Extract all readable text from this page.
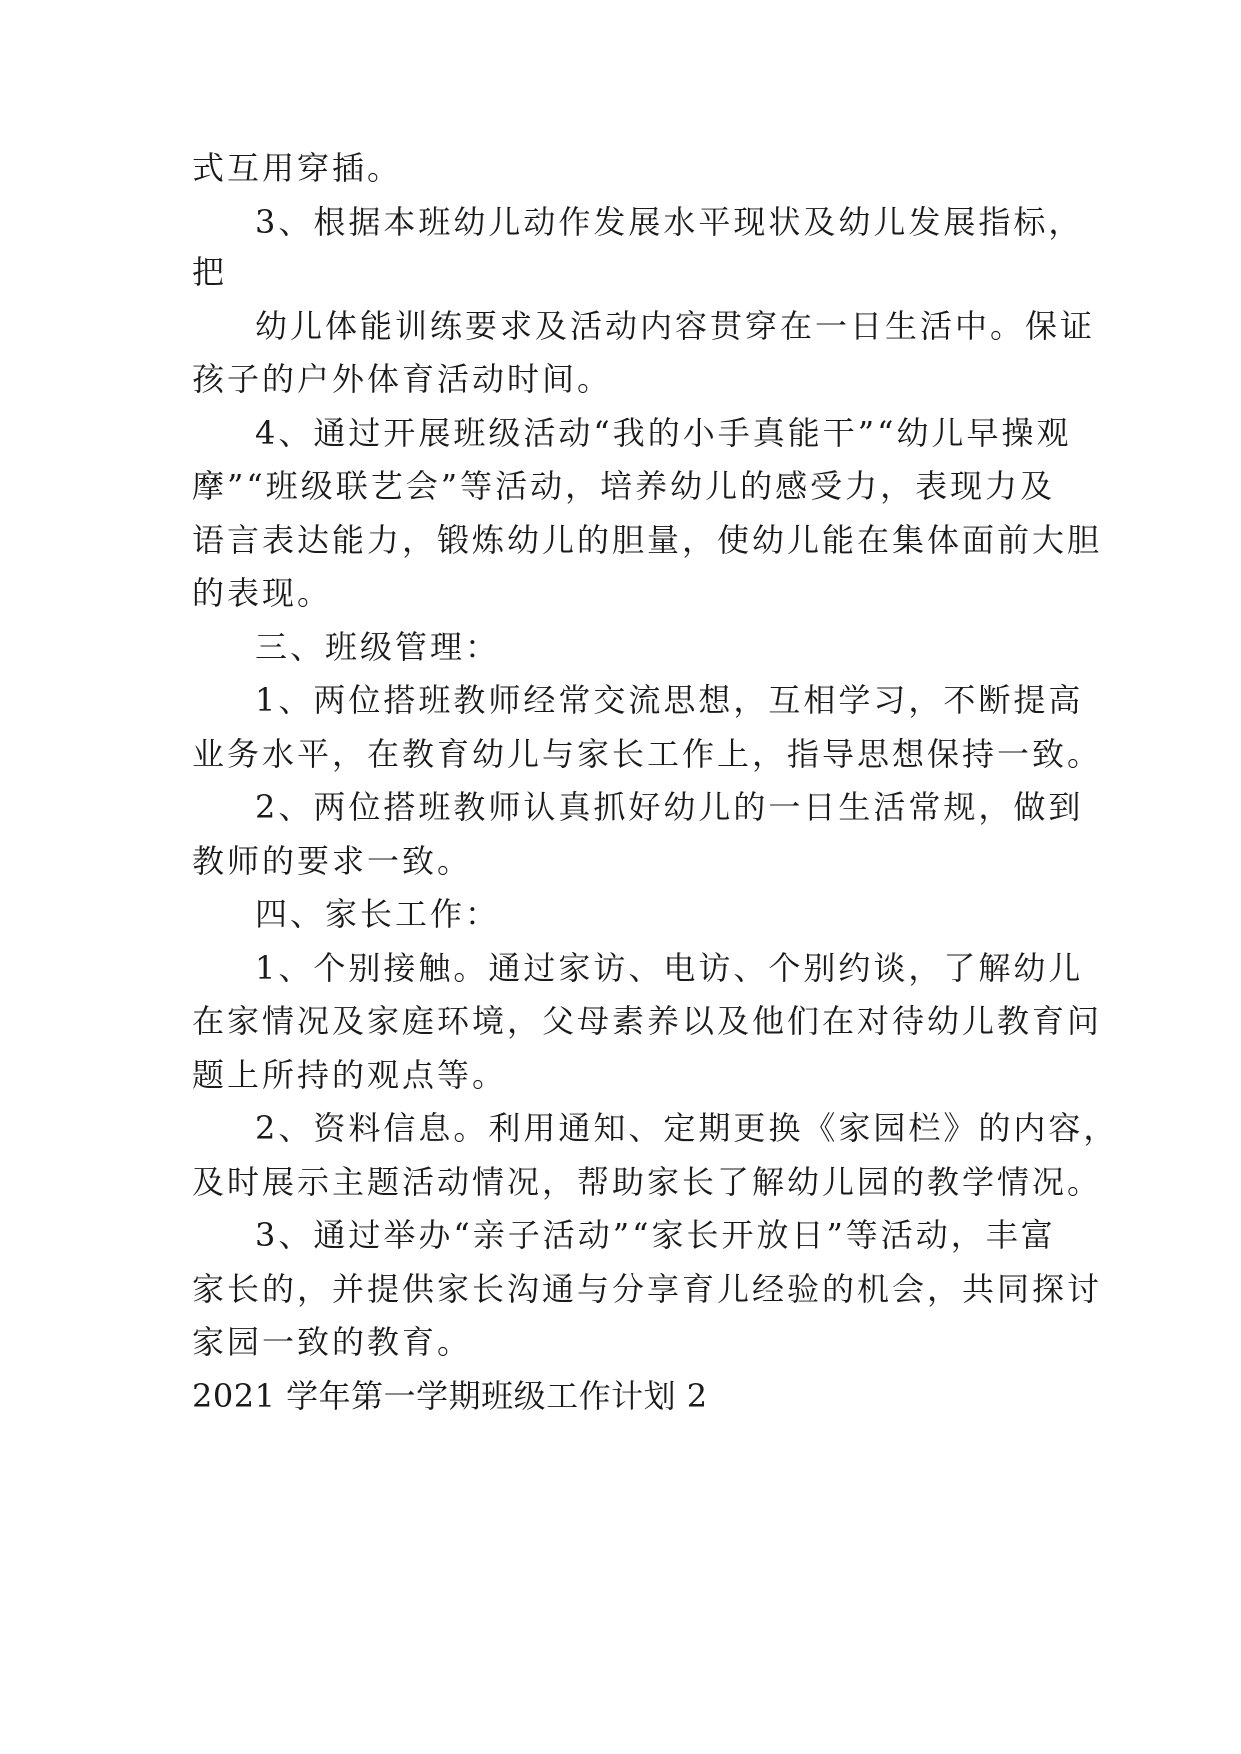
式互用穿插。

3、根据本班幼儿动作发展水平现状及幼儿发展指标，

把

幼儿体能训练要求及活动内容贯穿在一日生活中。保证

孩子的户外体育活动时间。

4、通过开展班级活动“我的小手真能干”“幼儿早操观

摩”“班级联艺会”等活动，培养幼儿的感受力，表现力及

语言表达能力，锻炼幼儿的胆量，使幼儿能在集体面前大胆

的表现。

三、班级管理：

1、两位搭班教师经常交流思想，互相学习，不断提高

业务水平，在教育幼儿与家长工作上，指导思想保持一致。

2、两位搭班教师认真抓好幼儿的一日生活常规，做到

教师的要求一致。

四、家长工作：

1、个别接触。通过家访、电访、个别约谈，了解幼儿

在家情况及家庭环境，父母素养以及他们在对待幼儿教育问

题上所持的观点等。

2、资料信息。利用通知、定期更换《家园栏》的内容，

及时展示主题活动情况，帮助家长了解幼儿园的教学情况。

3、通过举办“亲子活动”“家长开放日”等活动，丰富

家长的，并提供家长沟通与分享育儿经验的机会，共同探讨

家园一致的教育。

2021 学年第一学期班级工作计划 2
